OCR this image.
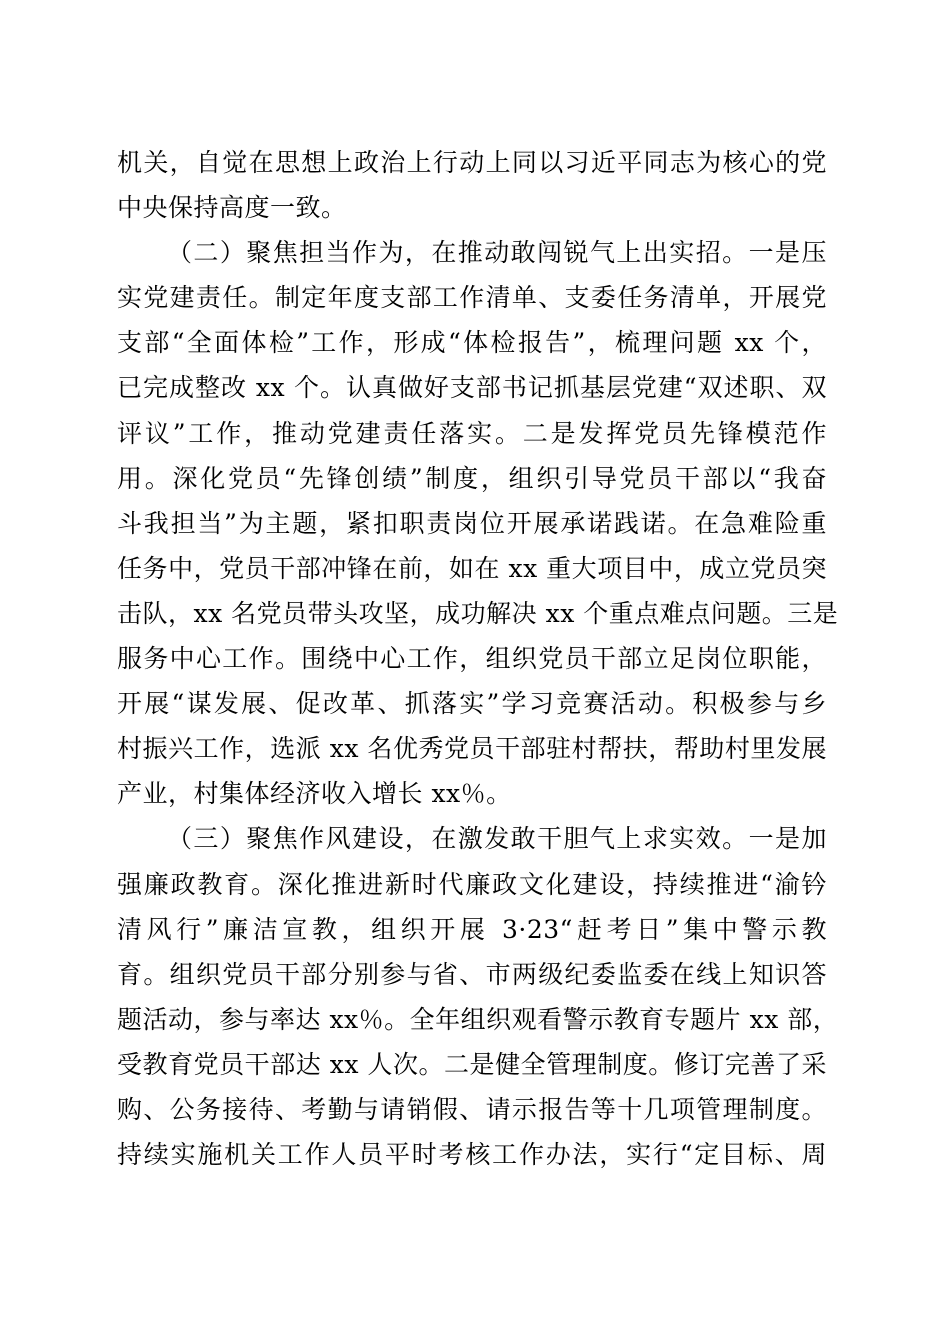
机关，自觉在思想上政治上行动上同以习近平同志为核心的党
中央保持高度一致。
（二）聚焦担当作为，在推动敢闯锐气上出实招。一是压
实党建责任。制定年度支部工作清单、支委任务清单，开展党
支部“全面体检”工作，形成“体检报告”，梳理问题 xx 个，
已完成整改 xx 个。认真做好支部书记抓基层党建“双述职、双
评议”工作，推动党建责任落实。二是发挥党员先锋模范作
用。深化党员“先锋创绩”制度，组织引导党员干部以“我奋
斗我担当”为主题，紧扣职责岗位开展承诺践诺。在急难险重
任务中，党员干部冲锋在前，如在 xx 重大项目中，成立党员突
击队，xx 名党员带头攻坚，成功解决 xx 个重点难点问题。三是
服务中心工作。围绕中心工作，组织党员干部立足岗位职能，
开展“谋发展、促改革、抓落实”学习竞赛活动。积极参与乡
村振兴工作，选派 xx 名优秀党员干部驻村帮扶，帮助村里发展
产业，村集体经济收入增长 xx％。
（三）聚焦作风建设，在激发敢干胆气上求实效。一是加
强廉政教育。深化推进新时代廉政文化建设，持续推进“渝钤
清风行”廉洁宣教，组织开展 3·23“赶考日”集中警示教
育。组织党员干部分别参与省、市两级纪委监委在线上知识答
题活动，参与率达 xx％。全年组织观看警示教育专题片 xx 部，
受教育党员干部达 xx 人次。二是健全管理制度。修订完善了采
购、公务接待、考勤与请销假、请示报告等十几项管理制度。
持续实施机关工作人员平时考核工作办法，实行“定目标、周
